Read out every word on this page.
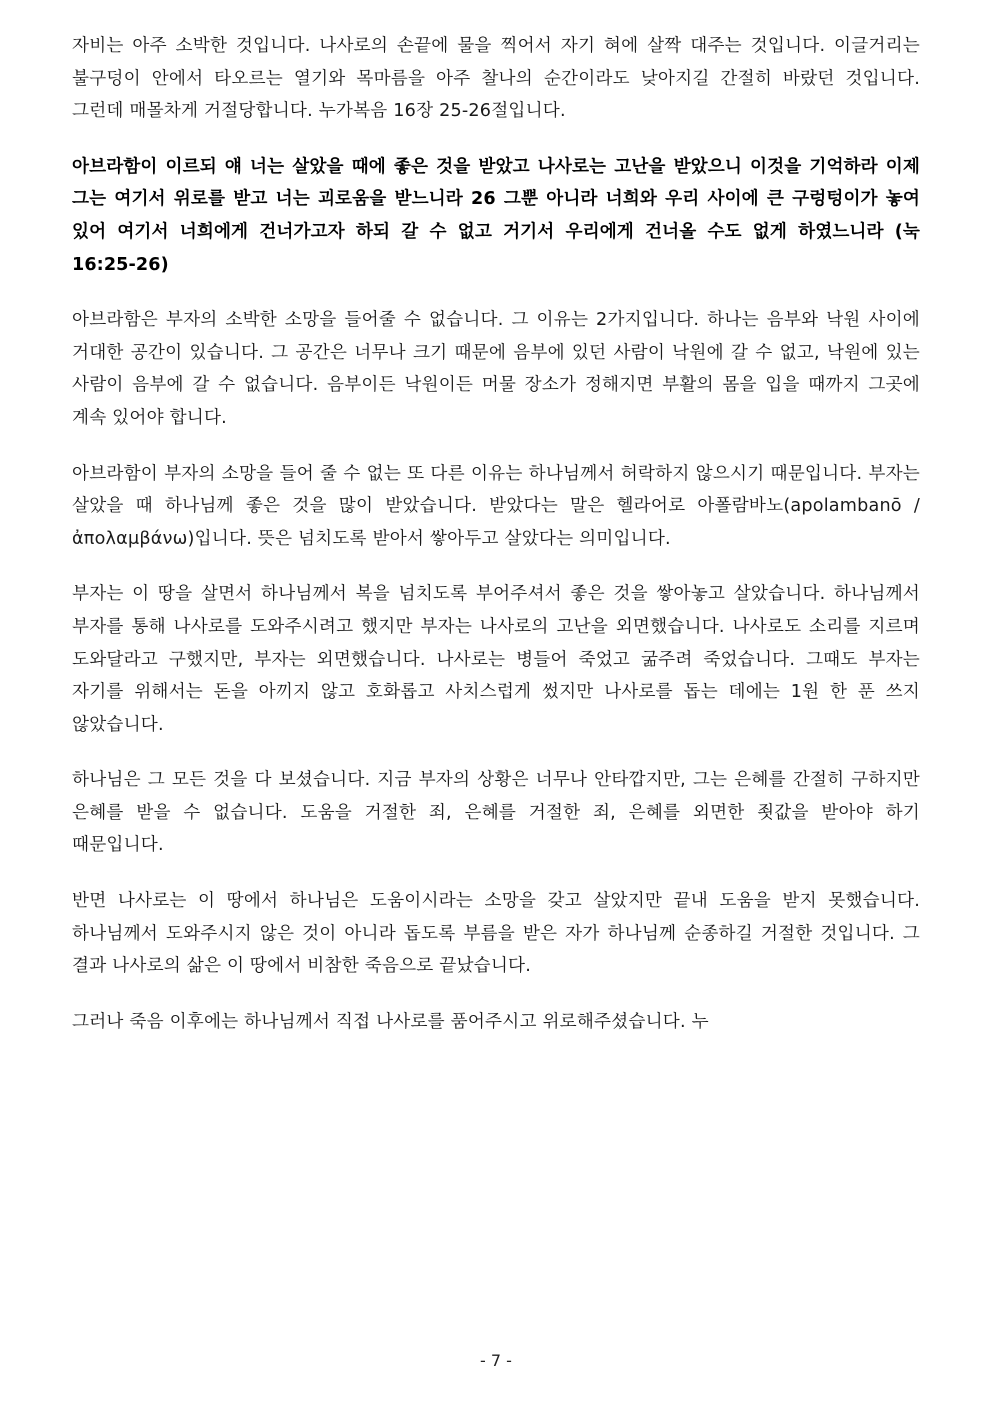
자비는 아주 소박한 것입니다. 나사로의 손끝에 물을 찍어서 자기 혀에 살짝 대주는 것입니다. 이글거리는 불구덩이 안에서 타오르는 열기와 목마름을 아주 찰나의 순간이라도 낮아지길 간절히 바랐던 것입니다. 그런데 매몰차게 거절당합니다. 누가복음 16장 25-26절입니다.

아브라함이 이르되 얘 너는 살았을 때에 좋은 것을 받았고 나사로는 고난을 받았으니 이것을 기억하라 이제 그는 여기서 위로를 받고 너는 괴로움을 받느니라 26 그뿐 아니라 너희와 우리 사이에 큰 구렁텅이가 놓여 있어 여기서 너희에게 건너가고자 하되 갈 수 없고 거기서 우리에게 건너올 수도 없게 하였느니라 (눅 16:25-26)

아브라함은 부자의 소박한 소망을 들어줄 수 없습니다. 그 이유는 2가지입니다. 하나는 음부와 낙원 사이에 거대한 공간이 있습니다. 그 공간은 너무나 크기 때문에 음부에 있던 사람이 낙원에 갈 수 없고, 낙원에 있는 사람이 음부에 갈 수 없습니다. 음부이든 낙원이든 머물 장소가 정해지면 부활의 몸을 입을 때까지 그곳에 계속 있어야 합니다.

아브라함이 부자의 소망을 들어 줄 수 없는 또 다른 이유는 하나님께서 허락하지 않으시기 때문입니다. 부자는 살았을 때 하나님께 좋은 것을 많이 받았습니다. 받았다는 말은 헬라어로 아폴람바노(apolambanō / ἀπολαμβάνω)입니다. 뜻은 넘치도록 받아서 쌓아두고 살았다는 의미입니다.

부자는 이 땅을 살면서 하나님께서 복을 넘치도록 부어주셔서 좋은 것을 쌓아놓고 살았습니다. 하나님께서 부자를 통해 나사로를 도와주시려고 했지만 부자는 나사로의 고난을 외면했습니다. 나사로도 소리를 지르며 도와달라고 구했지만, 부자는 외면했습니다. 나사로는 병들어 죽었고 굶주려 죽었습니다. 그때도 부자는 자기를 위해서는 돈을 아끼지 않고 호화롭고 사치스럽게 썼지만 나사로를 돕는 데에는 1원 한 푼 쓰지 않았습니다.

하나님은 그 모든 것을 다 보셨습니다. 지금 부자의 상황은 너무나 안타깝지만, 그는 은혜를 간절히 구하지만 은혜를 받을 수 없습니다. 도움을 거절한 죄, 은혜를 거절한 죄, 은혜를 외면한 죗값을 받아야 하기 때문입니다.

반면 나사로는 이 땅에서 하나님은 도움이시라는 소망을 갖고 살았지만 끝내 도움을 받지 못했습니다. 하나님께서 도와주시지 않은 것이 아니라 돕도록 부름을 받은 자가 하나님께 순종하길 거절한 것입니다. 그 결과 나사로의 삶은 이 땅에서 비참한 죽음으로 끝났습니다.

그러나 죽음 이후에는 하나님께서 직접 나사로를 품어주시고 위로해주셨습니다. 누

- 7 -
